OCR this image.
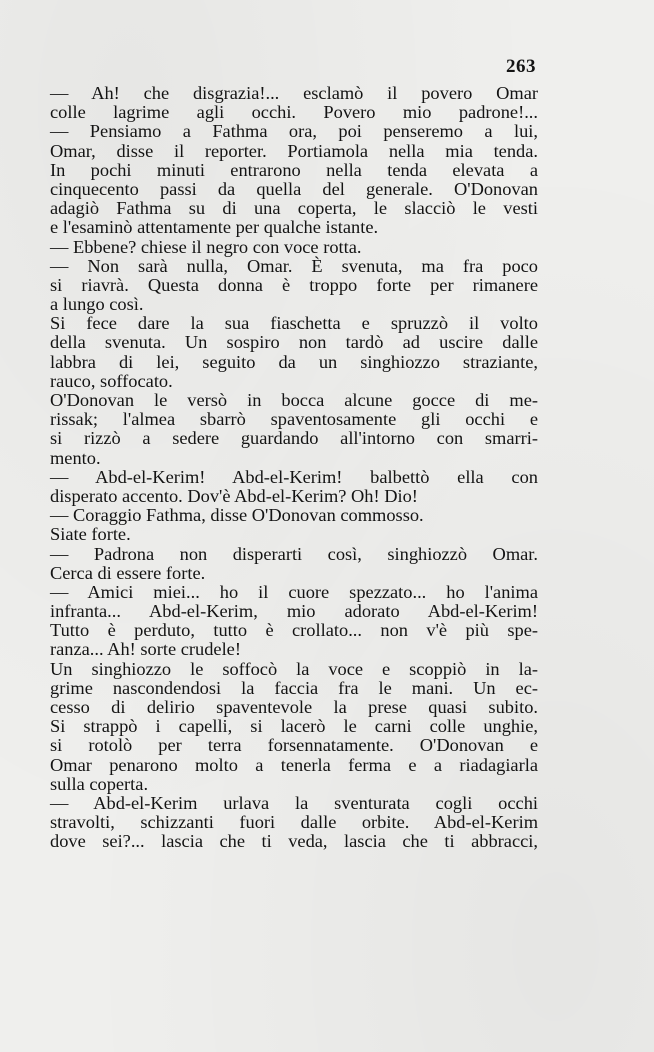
263
— Ah! che disgrazia!... esclamò il povero Omar
colle lagrime agli occhi. Povero mio padrone!...
— Pensiamo a Fathma ora, poi penseremo a lui,
Omar, disse il reporter. Portiamola nella mia tenda.
In pochi minuti entrarono nella tenda elevata a
cinquecento passi da quella del generale. O'Donovan
adagiò Fathma su di una coperta, le slacciò le vesti
e l'esaminò attentamente per qualche istante.
— Ebbene? chiese il negro con voce rotta.
— Non sarà nulla, Omar. È svenuta, ma fra poco
si riavrà. Questa donna è troppo forte per rimanere
a lungo così.
Si fece dare la sua fiaschetta e spruzzò il volto
della svenuta. Un sospiro non tardò ad uscire dalle
labbra di lei, seguito da un singhiozzo straziante,
rauco, soffocato.
O'Donovan le versò in bocca alcune gocce di me-
rissak; l'almea sbarrò spaventosamente gli occhi e
si rizzò a sedere guardando all'intorno con smarri-
mento.
— Abd-el-Kerim! Abd-el-Kerim! balbettò ella con
disperato accento. Dov'è Abd-el-Kerim? Oh! Dio!
— Coraggio Fathma, disse O'Donovan commosso.
Siate forte.
— Padrona non disperarti così, singhiozzò Omar.
Cerca di essere forte.
— Amici miei... ho il cuore spezzato... ho l'anima
infranta... Abd-el-Kerim, mio adorato Abd-el-Kerim!
Tutto è perduto, tutto è crollato... non v'è più spe-
ranza... Ah! sorte crudele!
Un singhiozzo le soffocò la voce e scoppiò in la-
grime nascondendosi la faccia fra le mani. Un ec-
cesso di delirio spaventevole la prese quasi subito.
Si strappò i capelli, si lacerò le carni colle unghie,
si rotolò per terra forsennatamente. O'Donovan e
Omar penarono molto a tenerla ferma e a riadagiarla
sulla coperta.
— Abd-el-Kerim urlava la sventurata cogli occhi
stravolti, schizzanti fuori dalle orbite. Abd-el-Kerim
dove sei?... lascia che ti veda, lascia che ti abbracci,
